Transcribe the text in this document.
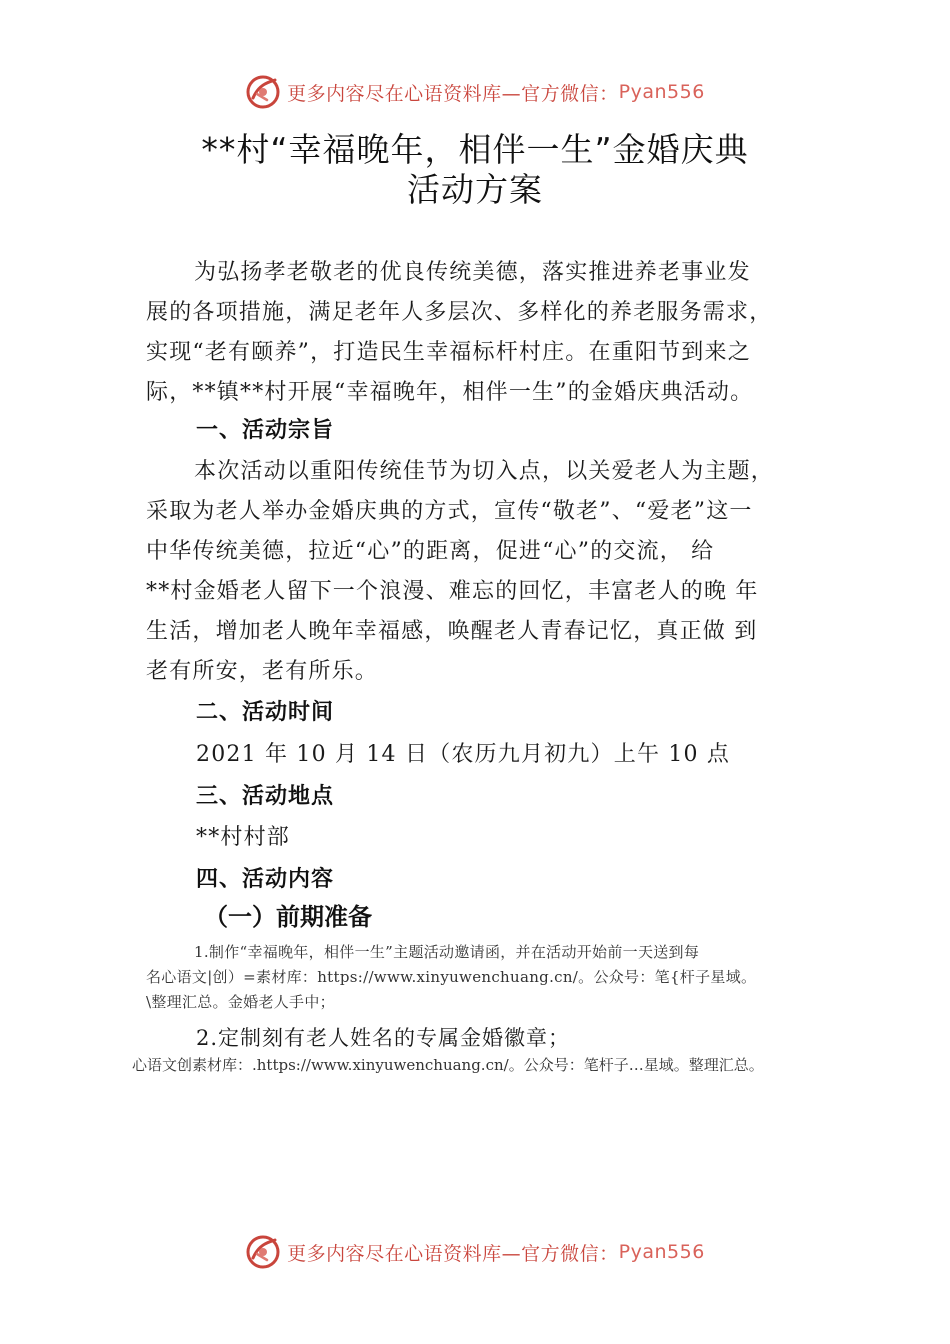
更多内容尽在心语资料库—官方微信： Pyan556
**村“幸福晚年，相伴一生”金婚庆典
活动方案
为弘扬孝老敬老的优良传统美德，落实推进养老事业发
展的各项措施，满足老年人多层次、多样化的养老服务需求，
实现“老有颐养”，打造民生幸福标杆村庄。在重阳节到来之
际，**镇**村开展“幸福晚年，相伴一生”的金婚庆典活动。
一、活动宗旨
本次活动以重阳传统佳节为切入点，以关爱老人为主题，
采取为老人举办金婚庆典的方式，宣传“敬老”、“爱老”这一
中华传统美德，拉近“心”的距离，促进“心”的交流， 给
**村金婚老人留下一个浪漫、难忘的回忆，丰富老人的晚 年
生活，增加老人晚年幸福感，唤醒老人青春记忆，真正做 到
老有所安，老有所乐。
二、活动时间
2021 年 10 月 14 日（农历九月初九）上午 10 点
三、活动地点
**村村部
四、活动内容
（一）前期准备
1.制作“幸福晚年，相伴一生”主题活动邀请函，并在活动开始前一天送到每
名心语文|创）=素材库：https://www.xinyuwenchuang.cn/。公众号：笔{杆子星域。
\整理汇总。金婚老人手中；
2.定制刻有老人姓名的专属金婚徽章；
心语文创素材库：.https://www.xinyuwenchuang.cn/。公众号：笔杆子…星域。整理汇总。
更多内容尽在心语资料库—官方微信： Pyan556
